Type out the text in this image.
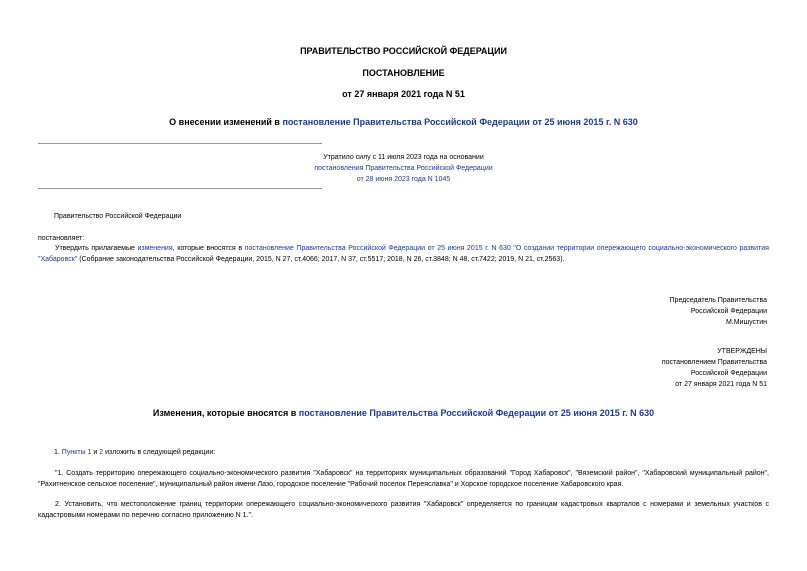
ПРАВИТЕЛЬСТВО РОССИЙСКОЙ ФЕДЕРАЦИИ
ПОСТАНОВЛЕНИЕ
от 27 января 2021 года N 51
О внесении изменений в постановление Правительства Российской Федерации от 25 июня 2015 г. N 630
Утратило силу с 11 июля 2023 года на основании
постановления Правительства Российской Федерации
от 28 июня 2023 года N 1045
Правительство Российской Федерации
постановляет:
Утвердить прилагаемые изменения, которые вносятся в постановление Правительства Российской Федерации от 25 июня 2015 г. N 630 "О создании территории опережающего социально-экономического развития "Хабаровск" (Собрание законодательства Российской Федерации, 2015, N 27, ст.4066; 2017, N 37, ст.5517; 2018, N 26, ст.3848; N 48, ст.7422; 2019, N 21, ст.2563).
Председатель Правительства
Российской Федерации
М.Мишустин
УТВЕРЖДЕНЫ
постановлением Правительства
Российской Федерации
от 27 января 2021 года N 51
Изменения, которые вносятся в постановление Правительства Российской Федерации от 25 июня 2015 г. N 630
1. Пункты 1 и 2 изложить в следующей редакции:
"1. Создать территорию опережающего социально-экономического развития "Хабаровск" на территориях муниципальных образований "Город Хабаровск", "Вяземский район", "Хабаровский муниципальный район", "Рахитненское сельское поселение", муниципальный район имени Лазо, городское поселение "Рабочий поселок Переяславка" и Хорское городское поселение Хабаровского края.
2. Установить, что местоположение границ территории опережающего социально-экономического развития "Хабаровск" определяется по границам кадастровых кварталов с номерами и земельных участков с кадастровыми номерами по перечню согласно приложению N 1.".
